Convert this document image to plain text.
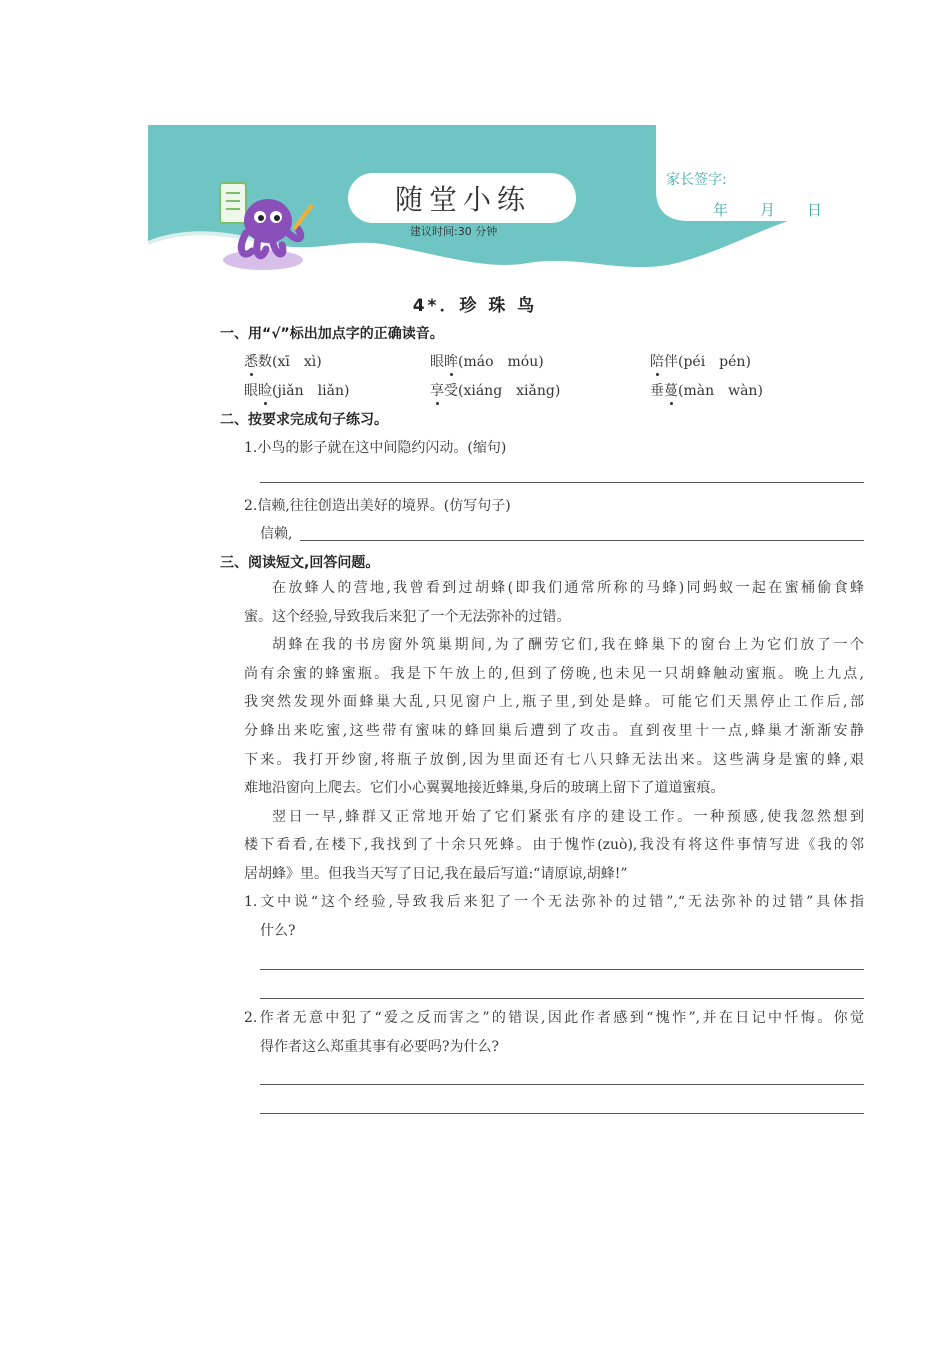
随堂小练
建议时间:30 分钟
家长签字:
年 月 日
4*．珍 珠 鸟
一、用“√”标出加点字的正确读音。
悉数(xī　xì)	眼眸(máo　móu)	陪伴(péi　pén)
眼睑(jiǎn　liǎn)	享受(xiáng　xiǎng)	垂蔓(màn　wàn)
二、按要求完成句子练习。
1.小鸟的影子就在这中间隐约闪动。(缩句)
2.信赖,往往创造出美好的境界。(仿写句子)
信赖,
三、阅读短文,回答问题。
在放蜂人的营地,我曾看到过胡蜂(即我们通常所称的马蜂)同蚂蚁一起在蜜桶偷食蜂
蜜。这个经验,导致我后来犯了一个无法弥补的过错。
胡蜂在我的书房窗外筑巢期间,为了酬劳它们,我在蜂巢下的窗台上为它们放了一个
尚有余蜜的蜂蜜瓶。我是下午放上的,但到了傍晚,也未见一只胡蜂触动蜜瓶。晚上九点,
我突然发现外面蜂巢大乱,只见窗户上,瓶子里,到处是蜂。可能它们天黑停止工作后,部
分蜂出来吃蜜,这些带有蜜味的蜂回巢后遭到了攻击。直到夜里十一点,蜂巢才渐渐安静
下来。我打开纱窗,将瓶子放倒,因为里面还有七八只蜂无法出来。这些满身是蜜的蜂,艰
难地沿窗向上爬去。它们小心翼翼地接近蜂巢,身后的玻璃上留下了道道蜜痕。
翌日一早,蜂群又正常地开始了它们紧张有序的建设工作。一种预感,使我忽然想到
楼下看看,在楼下,我找到了十余只死蜂。由于愧怍(zuò),我没有将这件事情写进《我的邻
居胡蜂》里。但我当天写了日记,我在最后写道:“请原谅,胡蜂!”
1.文中说“这个经验,导致我后来犯了一个无法弥补的过错”,“无法弥补的过错”具体指
什么?
2.作者无意中犯了“爱之反而害之”的错误,因此作者感到“愧怍”,并在日记中忏悔。你觉
得作者这么郑重其事有必要吗?为什么?
